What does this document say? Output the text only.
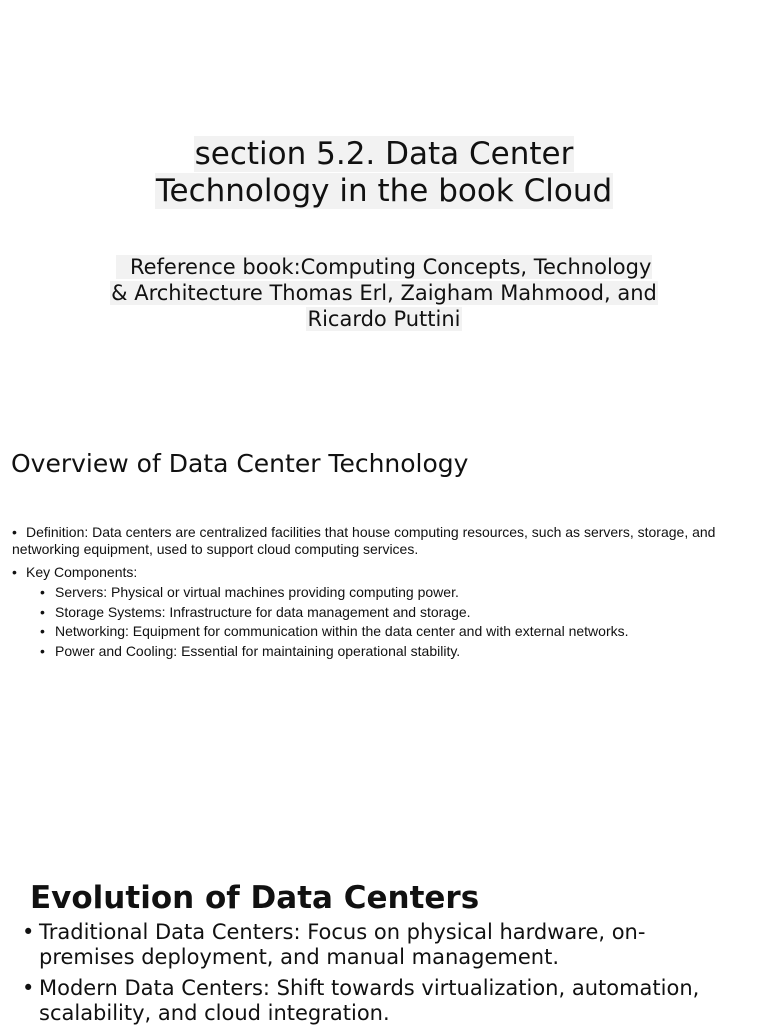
section 5.2. Data Center
Technology in the book Cloud
Reference book:Computing Concepts, Technology
& Architecture Thomas Erl, Zaigham Mahmood, and
Ricardo Puttini
Overview of Data Center Technology

• Definition: Data centers are centralized facilities that house computing resources, such as servers, storage, and networking equipment, used to support cloud computing services.

• Key Components:

• Servers: Physical or virtual machines providing computing power.
• Storage Systems: Infrastructure for data management and storage.
• Networking: Equipment for communication within the data center and with external networks.
• Power and Cooling: Essential for maintaining operational stability.
Evolution of Data Centers
• Traditional Data Centers: Focus on physical hardware, on-premises deployment, and manual management.
• Modern Data Centers: Shift towards virtualization, automation, scalability, and cloud integration.
